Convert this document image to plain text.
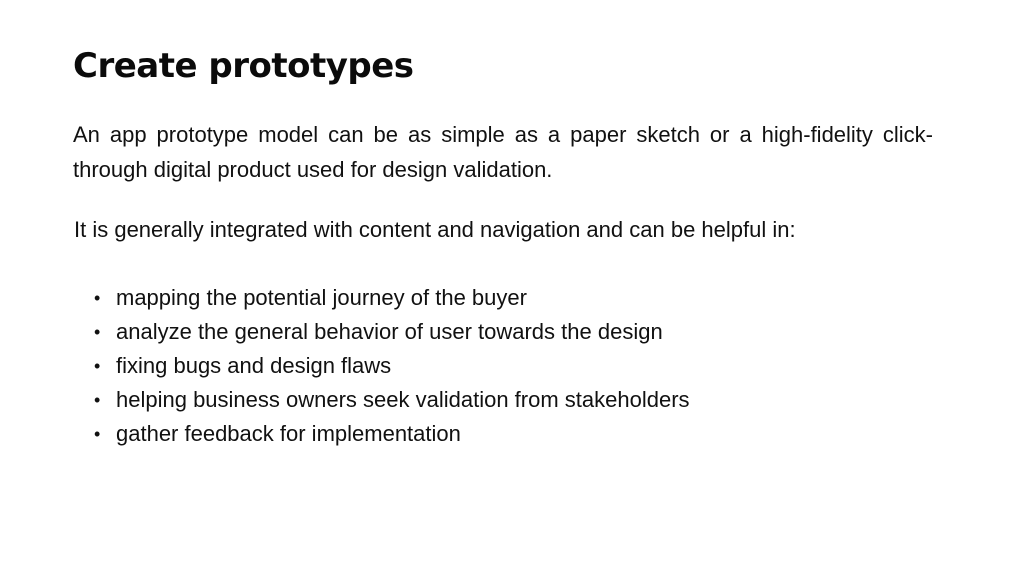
Create prototypes

An app prototype model can be as simple as a paper sketch or a high-fidelity click-through digital product used for design validation.

It is generally integrated with content and navigation and can be helpful in:

• mapping the potential journey of the buyer
• analyze the general behavior of user towards the design
• fixing bugs and design flaws
• helping business owners seek validation from stakeholders
• gather feedback for implementation
